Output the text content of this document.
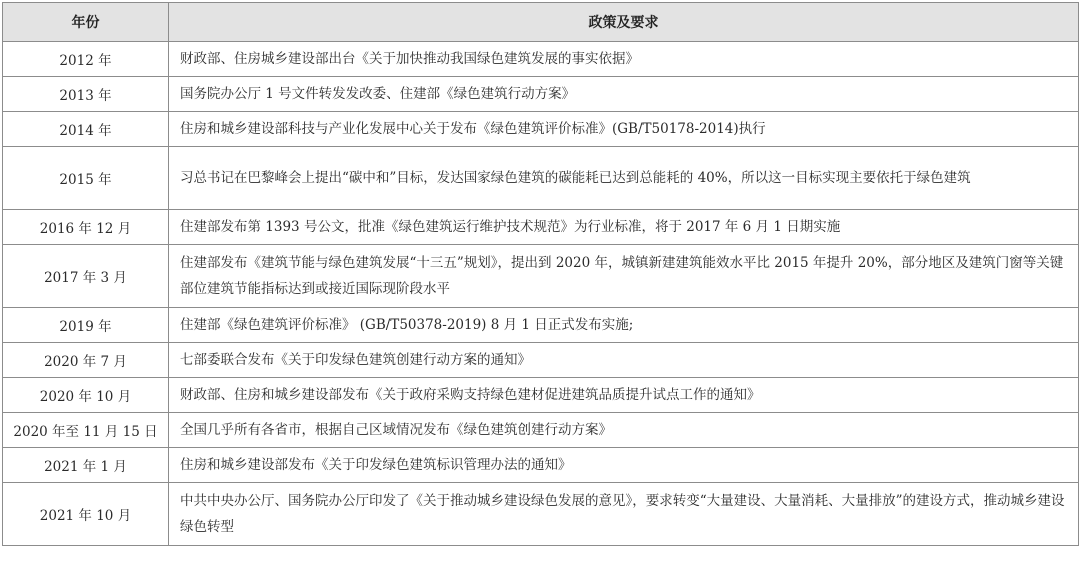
年份	政策及要求
2012 年	财政部、住房城乡建设部出台《关于加快推动我国绿色建筑发展的事实依据》
2013 年	国务院办公厅 1 号文件转发发改委、住建部《绿色建筑行动方案》
2014 年	住房和城乡建设部科技与产业化发展中心关于发布《绿色建筑评价标准》(GB/T50178-2014)执行
2015 年	习总书记在巴黎峰会上提出“碳中和”目标，发达国家绿色建筑的碳能耗已达到总能耗的 40%，所以这一目标实现主要依托于绿色建筑
2016 年 12 月	住建部发布第 1393 号公文，批准《绿色建筑运行维护技术规范》为行业标准，将于 2017 年 6 月 1 日期实施
2017 年 3 月	住建部发布《建筑节能与绿色建筑发展“十三五”规划》，提出到 2020 年，城镇新建建筑能效水平比 2015 年提升 20%，部分地区及建筑门窗等关键部位建筑节能指标达到或接近国际现阶段水平
2019 年	住建部《绿色建筑评价标准》 (GB/T50378-2019) 8 月 1 日正式发布实施;
2020 年 7 月	七部委联合发布《关于印发绿色建筑创建行动方案的通知》
2020 年 10 月	财政部、住房和城乡建设部发布《关于政府采购支持绿色建材促进建筑品质提升试点工作的通知》
2020 年至 11 月 15 日	全国几乎所有各省市，根据自己区域情况发布《绿色建筑创建行动方案》
2021 年 1 月	住房和城乡建设部发布《关于印发绿色建筑标识管理办法的通知》
2021 年 10 月	中共中央办公厅、国务院办公厅印发了《关于推动城乡建设绿色发展的意见》，要求转变“大量建设、大量消耗、大量排放”的建设方式，推动城乡建设绿色转型
